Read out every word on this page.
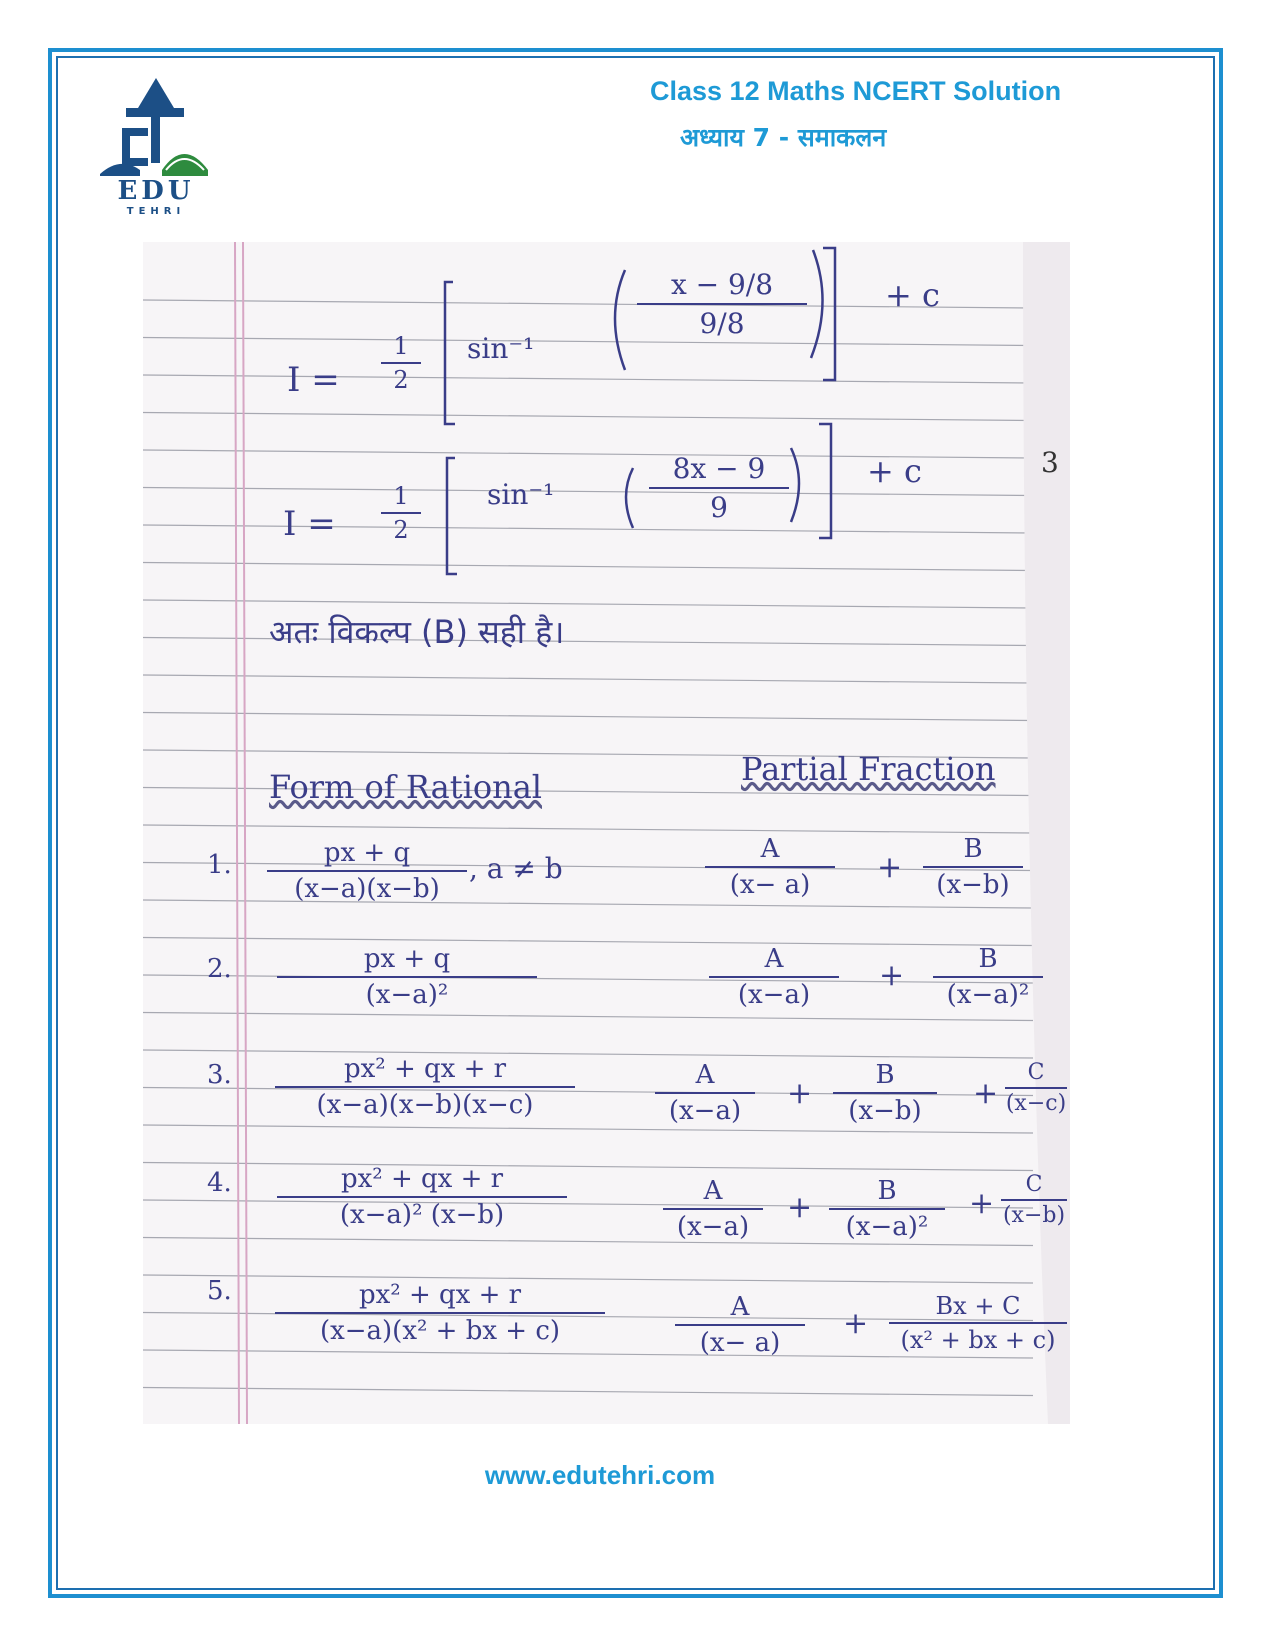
EDU
TEHRI
Class 12 Maths NCERT Solution
अध्याय 7 - समाकलन
I =
1
2
sin⁻¹
x − 9/8
9/8
+ c
I =
1
2
sin⁻¹
8x − 9
9
+ c	3
अतः विकल्प (B) सही है।
Form of Rational	Partial Fraction
1.	px + q
(x−a)(x−b)
, a ≠ b
A
(x− a)	+
B
(x−b)
2.	px + q
(x−a)²
A
(x−a)
+	B
(x−a)²
3.	px² + qx + r
(x−a)(x−b)(x−c)
A
(x−a)	+
B
(x−b)	+
C
(x−c)
4.	px² + qx + r
(x−a)² (x−b)
A
(x−a)
+	B
(x−a)²
+
C
(x−b)
5.	px² + qx + r
(x−a)(x² + bx + c)
A
(x− a)
+	Bx + C
(x² + bx + c)
www.edutehri.com
